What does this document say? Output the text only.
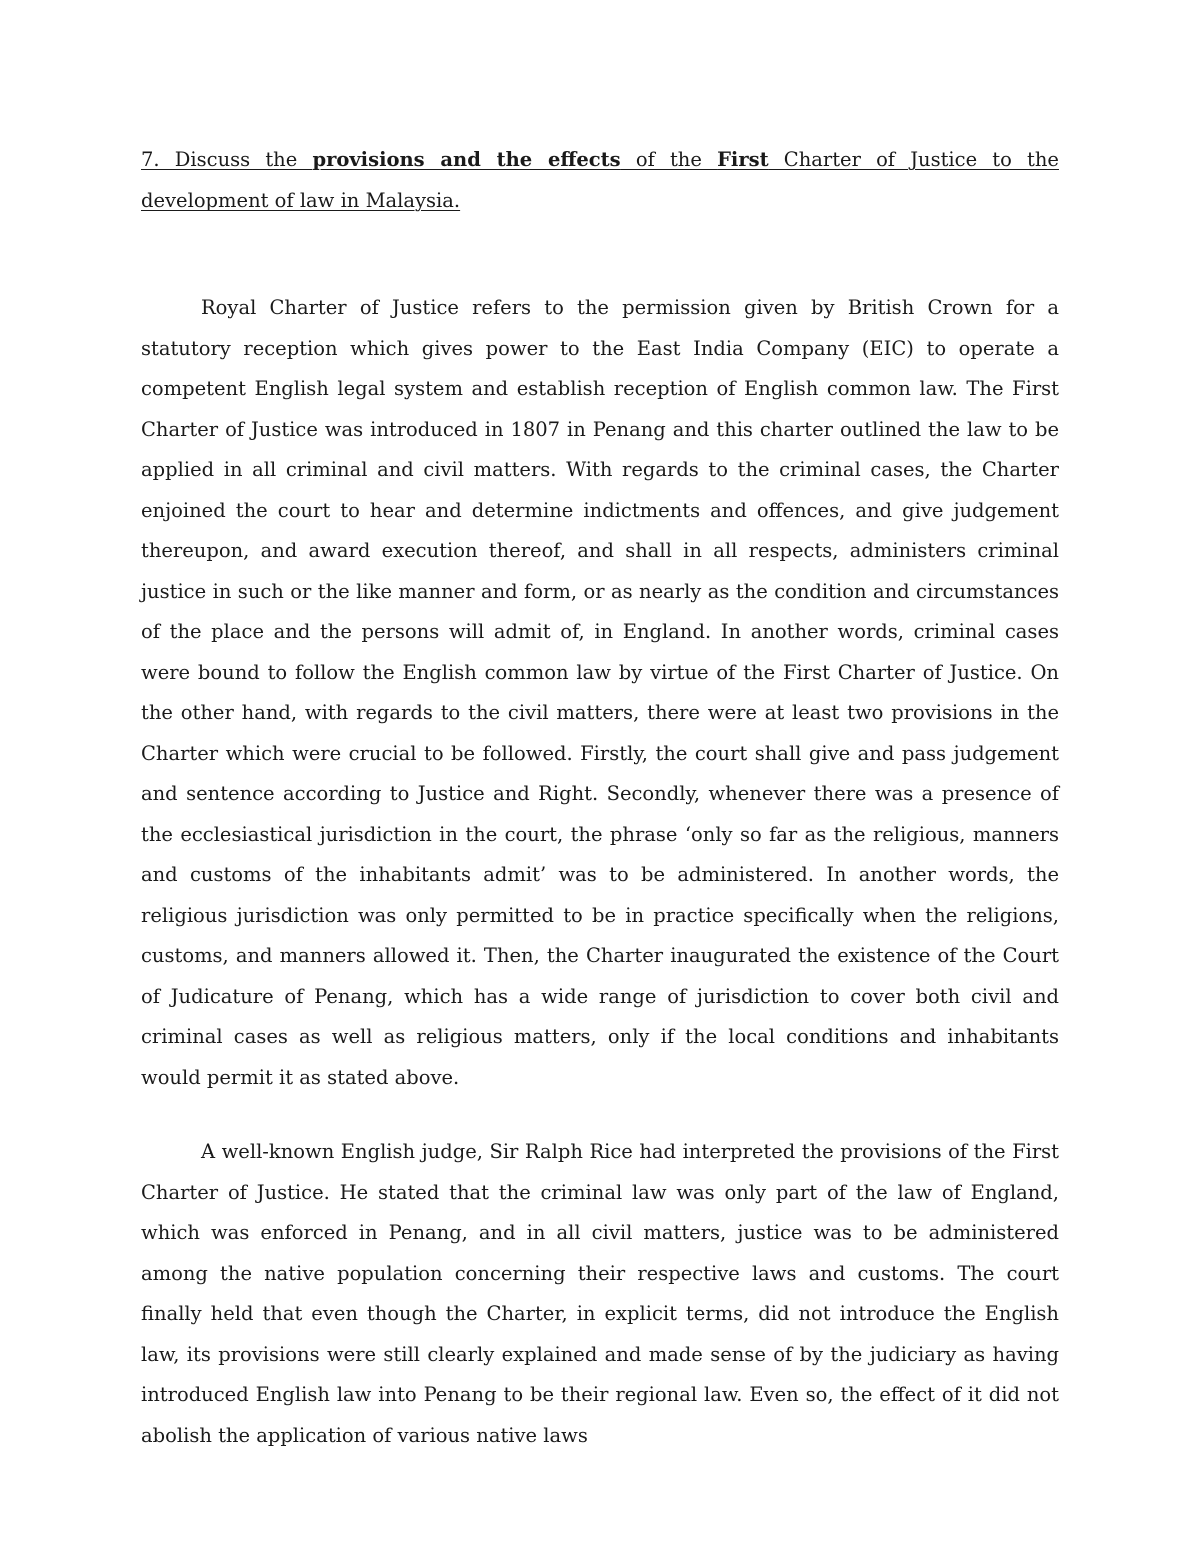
7. Discuss the provisions and the effects of the First Charter of Justice to the development of law in Malaysia.

Royal Charter of Justice refers to the permission given by British Crown for a statutory reception which gives power to the East India Company (EIC) to operate a competent English legal system and establish reception of English common law. The First Charter of Justice was introduced in 1807 in Penang and this charter outlined the law to be applied in all criminal and civil matters. With regards to the criminal cases, the Charter enjoined the court to hear and determine indictments and offences, and give judgement thereupon, and award execution thereof, and shall in all respects, administers criminal justice in such or the like manner and form, or as nearly as the condition and circumstances of the place and the persons will admit of, in England. In another words, criminal cases were bound to follow the English common law by virtue of the First Charter of Justice. On the other hand, with regards to the civil matters, there were at least two provisions in the Charter which were crucial to be followed. Firstly, the court shall give and pass judgement and sentence according to Justice and Right. Secondly, whenever there was a presence of the ecclesiastical jurisdiction in the court, the phrase ‘only so far as the religious, manners and customs of the inhabitants admit’ was to be administered. In another words, the religious jurisdiction was only permitted to be in practice specifically when the religions, customs, and manners allowed it. Then, the Charter inaugurated the existence of the Court of Judicature of Penang, which has a wide range of jurisdiction to cover both civil and criminal cases as well as religious matters, only if the local conditions and inhabitants would permit it as stated above.

A well-known English judge, Sir Ralph Rice had interpreted the provisions of the First Charter of Justice. He stated that the criminal law was only part of the law of England, which was enforced in Penang, and in all civil matters, justice was to be administered among the native population concerning their respective laws and customs. The court finally held that even though the Charter, in explicit terms, did not introduce the English law, its provisions were still clearly explained and made sense of by the judiciary as having introduced English law into Penang to be their regional law. Even so, the effect of it did not abolish the application of various native laws
